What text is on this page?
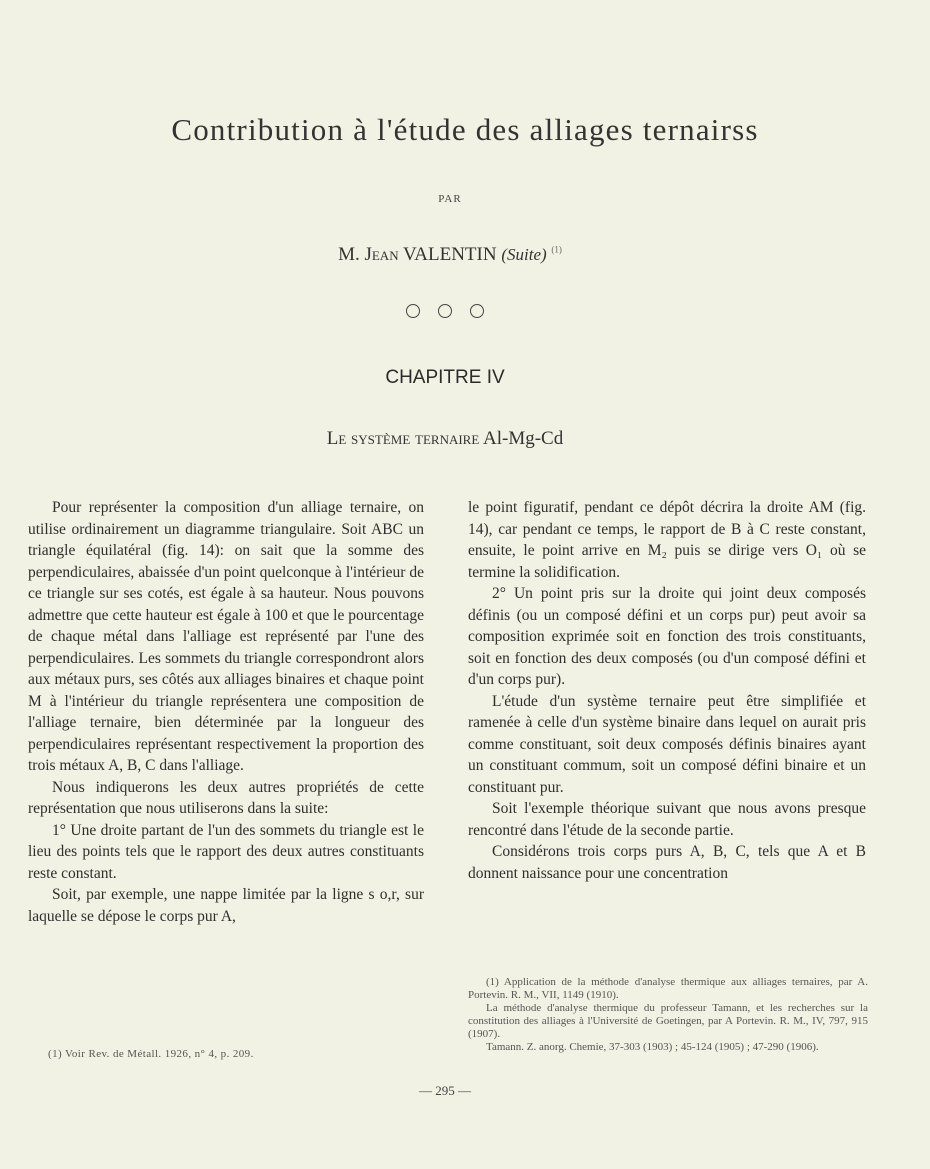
Contribution à l'étude des alliages ternairss
PAR
M. Jean VALENTIN (Suite) $^{(1)}$
CHAPITRE IV
Le système ternaire Al-Mg-Cd

Pour représenter la composition d'un alliage ternaire, on utilise ordinairement un diagramme triangulaire. Soit ABC un triangle équilatéral (fig. 14): on sait que la somme des perpendiculaires, abaissée d'un point quelconque à l'intérieur de ce triangle sur ses cotés, est égale à sa hauteur. Nous pouvons admettre que cette hauteur est égale à 100 et que le pourcentage de chaque métal dans l'alliage est représenté par l'une des perpendiculaires. Les sommets du triangle correspondront alors aux métaux purs, ses côtés aux alliages binaires et chaque point M à l'intérieur du triangle représentera une composition de l'alliage ternaire, bien déterminée par la longueur des perpendiculaires représentant respectivement la proportion des trois métaux A, B, C dans l'alliage.

Nous indiquerons les deux autres propriétés de cette représentation que nous utiliserons dans la suite:

1° Une droite partant de l'un des sommets du triangle est le lieu des points tels que le rapport des deux autres constituants reste constant.

Soit, par exemple, une nappe limitée par la ligne s o,r, sur laquelle se dépose le corps pur A,

le point figuratif, pendant ce dépôt décrira la droite AM (fig. 14), car pendant ce temps, le rapport de B à C reste constant, ensuite, le point arrive en M₂ puis se dirige vers O₁ où se termine la solidification.

2° Un point pris sur la droite qui joint deux composés définis (ou un composé défini et un corps pur) peut avoir sa composition exprimée soit en fonction des trois constituants, soit en fonction des deux composés (ou d'un composé défini et d'un corps pur).

L'étude d'un système ternaire peut être simplifiée et ramenée à celle d'un système binaire dans lequel on aurait pris comme constituant, soit deux composés définis binaires ayant un constituant commum, soit un composé défini binaire et un constituant pur.

Soit l'exemple théorique suivant que nous avons presque rencontré dans l'étude de la seconde partie.

Considérons trois corps purs A, B, C, tels que A et B donnent naissance pour une concentration

(1) Voir Rev. de Métall. 1926, n° 4, p. 209.

(1) Application de la méthode d'analyse thermique aux alliages ternaires, par A. Portevin. R. M., VII, 1149 (1910).

La méthode d'analyse thermique du professeur Tamann, et les recherches sur la constitution des alliages à l'Université de Goetingen, par A Portevin. R. M., IV, 797, 915 (1907).

Tamann. Z. anorg. Chemie, 37-303 (1903) ; 45-124 (1905) ; 47-290 (1906).

— 295 —
